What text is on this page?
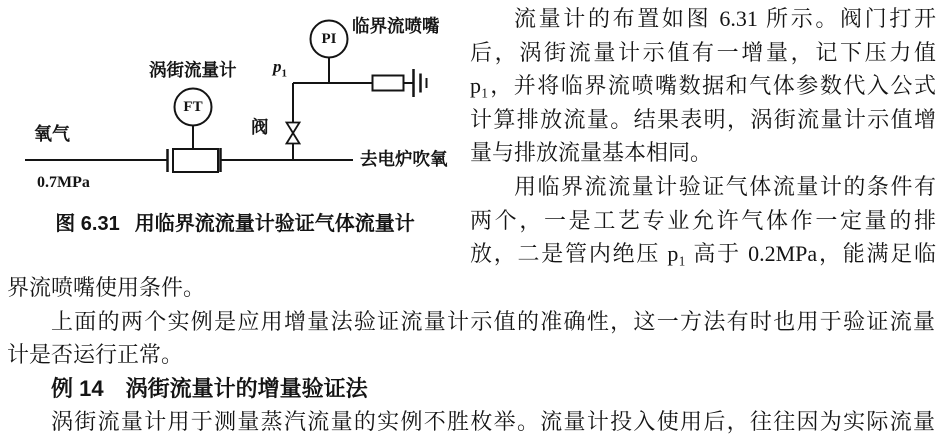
涡街流量计
FT
PI
临界流喷嘴
$p_1$
阀
氧气
0.7MPa
去电炉吹氧
图 6.31 用临界流流量计验证气体流量计
流量计的布置如图 6.31 所示。阀门打开
后，涡街流量计示值有一增量，记下压力值
p₁，并将临界流喷嘴数据和气体参数代入公式
计算排放流量。结果表明，涡街流量计示值增
量与排放流量基本相同。
用临界流流量计验证气体流量计的条件有
两个，一是工艺专业允许气体作一定量的排
放，二是管内绝压 p₁ 高于 0.2MPa，能满足临
界流喷嘴使用条件。
上面的两个实例是应用增量法验证流量计示值的准确性，这一方法有时也用于验证流量
计是否运行正常。
例 14 涡街流量计的增量验证法
涡街流量计用于测量蒸汽流量的实例不胜枚举。流量计投入使用后，往往因为实际流量
